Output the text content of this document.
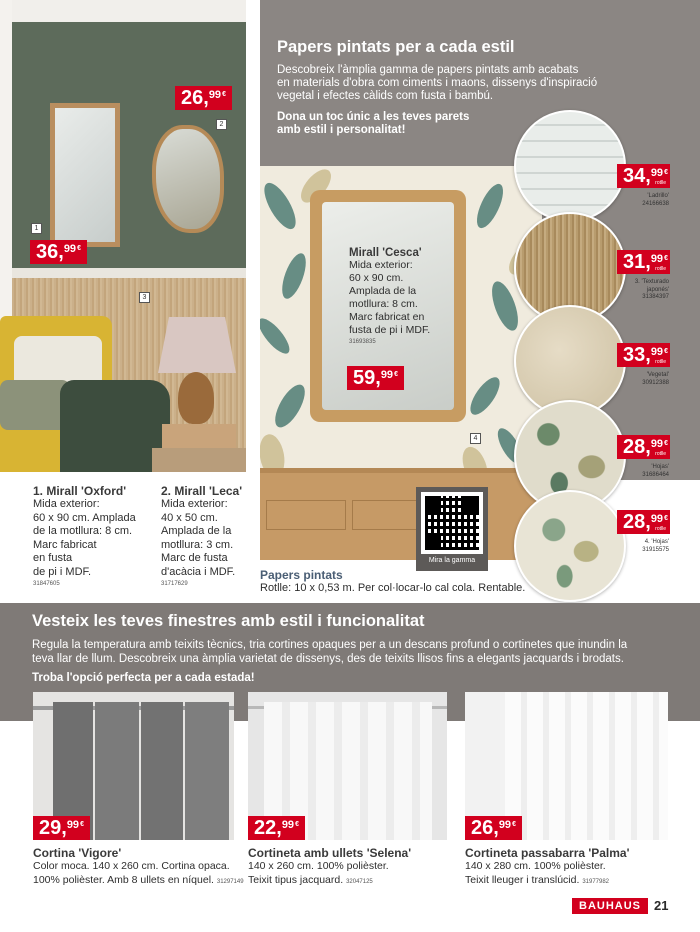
26, 99 €
36, 99 €
1
2
3
1. Mirall 'Oxford'
Mida exterior:
60 x 90 cm. Amplada
de la motllura: 8 cm.
Marc fabricat
en fusta
de pi i MDF.
31847605
2. Mirall 'Leca'
Mida exterior:
40 x 50 cm.
Amplada de la
motllura: 3 cm.
Marc de fusta
d'acàcia i MDF.
31717629
Papers pintats per a cada estil
Descobreix l'àmplia gamma de papers pintats amb acabats
en materials d'obra com ciments i maons, dissenys d'inspiració
vegetal i efectes càlids com fusta i bambú.
Dona un toc únic a les teves parets
amb estil i personalitat!
Mirall 'Cesca'
Mida exterior:
60 x 90 cm.
Amplada de la
motllura: 8 cm.
Marc fabricat en
fusta de pi i MDF.
31693835
59, 99 €
4
Mira la gamma
Papers pintats
Rotlle: 10 x 0,53 m. Per col·locar-lo cal cola. Rentable.
34, 99 €
rotlle
'Ladrillo'
24166638
31, 99 €
rotlle
3. 'Texturado japonés'
31384397
33, 99 €
rotlle
'Vegetal'
30912388
28, 99 €
rotlle
'Hojas'
31686464
28, 99 €
rotlle
4. 'Hojas'
31915575
Vesteix les teves finestres amb estil i funcionalitat
Regula la temperatura amb teixits tècnics, tria cortines opaques per a un descans profund o cortinetes que inundin la
teva llar de llum. Descobreix una àmplia varietat de dissenys, des de teixits llisos fins a elegants jacquards i brodats.
Troba l'opció perfecta per a cada estada!
29, 99 €	22, 99 €	26, 99 €
Cortina 'Vigore'
Color moca. 140 x 260 cm. Cortina opaca.
100% polièster. Amb 8 ullets en níquel. 31297149
Cortineta amb ullets 'Selena'
140 x 260 cm. 100% polièster.
Teixit tipus jacquard. 32047125
Cortineta passabarra 'Palma'
140 x 280 cm. 100% polièster.
Teixit lleuger i translúcid. 31977982
BAUHAUS	21
